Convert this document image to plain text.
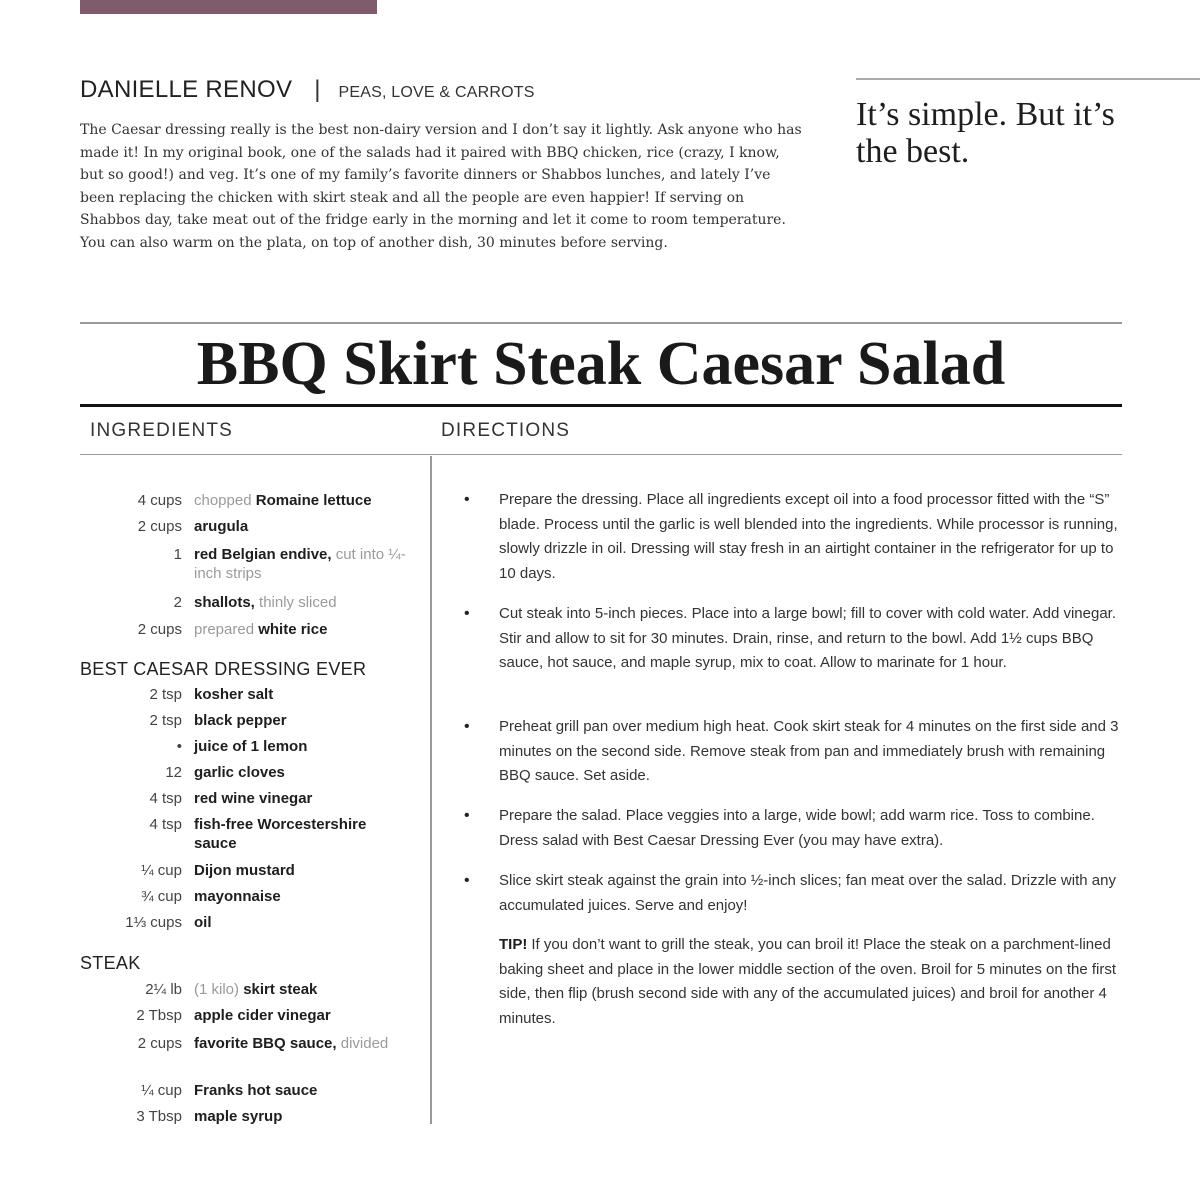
DANIELLE RENOV | PEAS, LOVE & CARROTS

The Caesar dressing really is the best non-dairy version and I don’t say it lightly. Ask anyone who has made it! In my original book, one of the salads had it paired with BBQ chicken, rice (crazy, I know, but so good!) and veg. It’s one of my family’s favorite dinners or Shabbos lunches, and lately I’ve been replacing the chicken with skirt steak and all the people are even happier! If serving on Shabbos day, take meat out of the fridge early in the morning and let it come to room temperature. You can also warm on the plata, on top of another dish, 30 minutes before serving.

It’s simple. But it’s the best.

BBQ Skirt Steak Caesar Salad
INGREDIENTS	DIRECTIONS
4 cups chopped Romaine lettuce
2 cups arugula
1 red Belgian endive, cut into ¼-inch strips
2 shallots, thinly sliced
2 cups prepared white rice
BEST CAESAR DRESSING EVER
2 tsp kosher salt
2 tsp black pepper
• juice of 1 lemon
12 garlic cloves
4 tsp red wine vinegar
4 tsp fish-free Worcestershire sauce
¼ cup Dijon mustard
¾ cup mayonnaise
1⅓ cups oil
STEAK
2¼ lb (1 kilo) skirt steak
2 Tbsp apple cider vinegar
2 cups favorite BBQ sauce, divided
¼ cup Franks hot sauce
3 Tbsp maple syrup
• Prepare the dressing. Place all ingredients except oil into a food processor fitted with the “S” blade. Process until the garlic is well blended into the ingredients. While processor is running, slowly drizzle in oil. Dressing will stay fresh in an airtight container in the refrigerator for up to 10 days.
• Cut steak into 5-inch pieces. Place into a large bowl; fill to cover with cold water. Add vinegar. Stir and allow to sit for 30 minutes. Drain, rinse, and return to the bowl. Add 1½ cups BBQ sauce, hot sauce, and maple syrup, mix to coat. Allow to marinate for 1 hour.
• Preheat grill pan over medium high heat. Cook skirt steak for 4 minutes on the first side and 3 minutes on the second side. Remove steak from pan and immediately brush with remaining BBQ sauce. Set aside.
• Prepare the salad. Place veggies into a large, wide bowl; add warm rice. Toss to combine. Dress salad with Best Caesar Dressing Ever (you may have extra).
• Slice skirt steak against the grain into ½-inch slices; fan meat over the salad. Drizzle with any accumulated juices. Serve and enjoy!
TIP! If you don’t want to grill the steak, you can broil it! Place the steak on a parchment-lined baking sheet and place in the lower middle section of the oven. Broil for 5 minutes on the first side, then flip (brush second side with any of the accumulated juices) and broil for another 4 minutes.
